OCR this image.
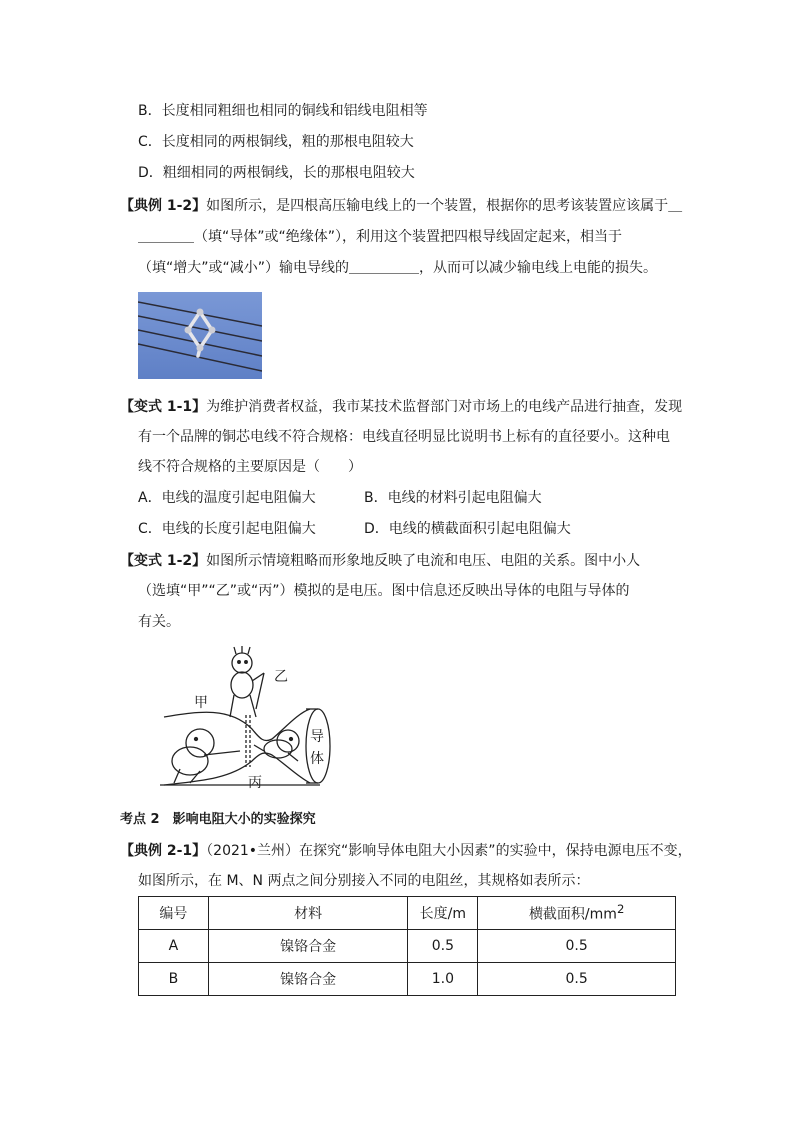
B．长度相同粗细也相同的铜线和铝线电阻相等
C．长度相同的两根铜线，粗的那根电阻较大
D．粗细相同的两根铜线，长的那根电阻较大
【典例 1-2】如图所示，是四根高压输电线上的一个装置，根据你的思考该装置应该属于＿
＿＿＿＿（填“导体”或“绝缘体”），利用这个装置把四根导线固定起来，相当于
（填“增大”或“减小”）输电导线的＿＿＿＿＿，从而可以减少输电线上电能的损失。
【变式 1-1】为维护消费者权益，我市某技术监督部门对市场上的电线产品进行抽查，发现
有一个品牌的铜芯电线不符合规格：电线直径明显比说明书上标有的直径要小。这种电
线不符合规格的主要原因是（　　）
A．电线的温度引起电阻偏大	B．电线的材料引起电阻偏大
C．电线的长度引起电阻偏大	D．电线的横截面积引起电阻偏大
【变式 1-2】如图所示情境粗略而形象地反映了电流和电压、电阻的关系。图中小人
（选填“甲”“乙”或“丙”）模拟的是电压。图中信息还反映出导体的电阻与导体的
有关。
甲
乙
丙
导
体
考点 2　影响电阻大小的实验探究
【典例 2-1】（2021•兰州）在探究“影响导体电阻大小因素”的实验中，保持电源电压不变，
如图所示，在 M、N 两点之间分别接入不同的电阻丝，其规格如表所示：
编号	材料	长度/m	横截面积$/mm^2$
A	镍铬合金	0.5	0.5
B	镍铬合金	1.0	0.5
